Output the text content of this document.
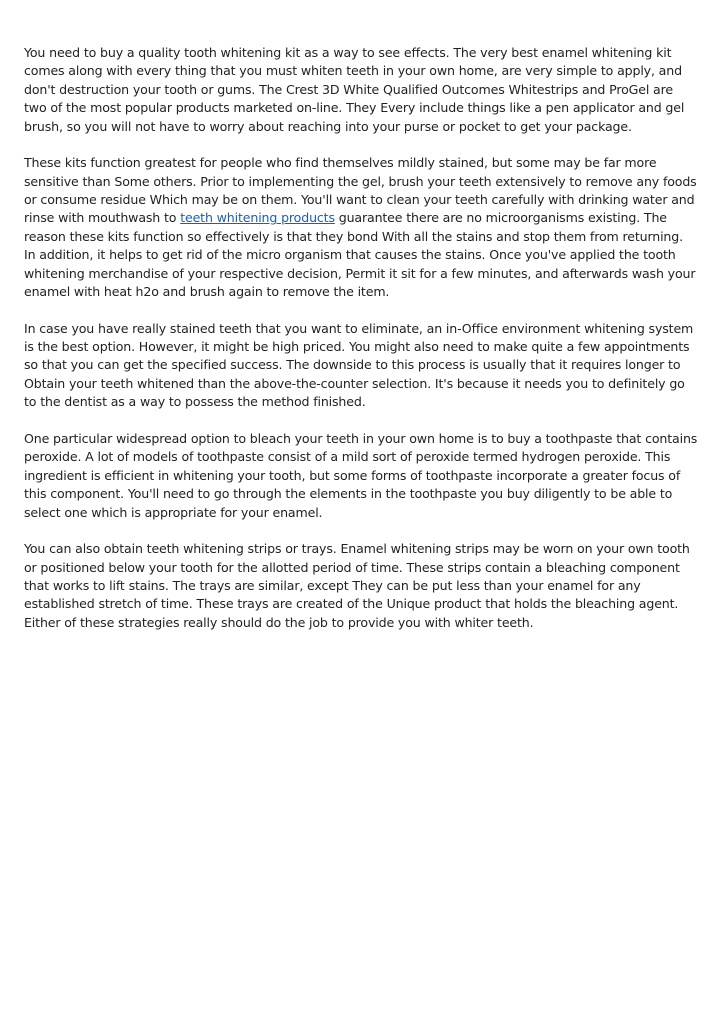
You need to buy a quality tooth whitening kit as a way to see effects. The very best enamel whitening kit comes along with every thing that you must whiten teeth in your own home, are very simple to apply, and don't destruction your tooth or gums. The Crest 3D White Qualified Outcomes Whitestrips and ProGel are two of the most popular products marketed on-line. They Every include things like a pen applicator and gel brush, so you will not have to worry about reaching into your purse or pocket to get your package.

These kits function greatest for people who find themselves mildly stained, but some may be far more sensitive than Some others. Prior to implementing the gel, brush your teeth extensively to remove any foods or consume residue Which may be on them. You'll want to clean your teeth carefully with drinking water and rinse with mouthwash to teeth whitening products guarantee there are no microorganisms existing. The reason these kits function so effectively is that they bond With all the stains and stop them from returning. In addition, it helps to get rid of the micro organism that causes the stains. Once you've applied the tooth whitening merchandise of your respective decision, Permit it sit for a few minutes, and afterwards wash your enamel with heat h2o and brush again to remove the item.

In case you have really stained teeth that you want to eliminate, an in-Office environment whitening system is the best option. However, it might be high priced. You might also need to make quite a few appointments so that you can get the specified success. The downside to this process is usually that it requires longer to Obtain your teeth whitened than the above-the-counter selection. It's because it needs you to definitely go to the dentist as a way to possess the method finished.

One particular widespread option to bleach your teeth in your own home is to buy a toothpaste that contains peroxide. A lot of models of toothpaste consist of a mild sort of peroxide termed hydrogen peroxide. This ingredient is efficient in whitening your tooth, but some forms of toothpaste incorporate a greater focus of this component. You'll need to go through the elements in the toothpaste you buy diligently to be able to select one which is appropriate for your enamel.

You can also obtain teeth whitening strips or trays. Enamel whitening strips may be worn on your own tooth or positioned below your tooth for the allotted period of time. These strips contain a bleaching component that works to lift stains. The trays are similar, except They can be put less than your enamel for any established stretch of time. These trays are created of the Unique product that holds the bleaching agent. Either of these strategies really should do the job to provide you with whiter teeth.
